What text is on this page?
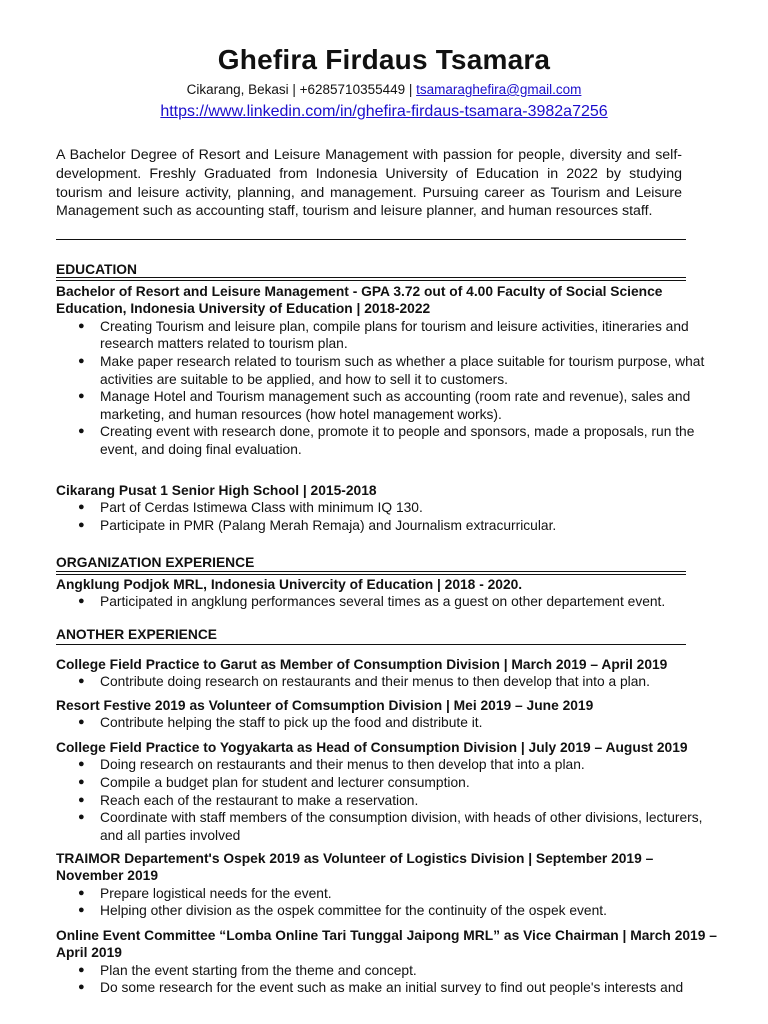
Ghefira Firdaus Tsamara
Cikarang, Bekasi | +6285710355449 | tsamaraghefira@gmail.com
https://www.linkedin.com/in/ghefira-firdaus-tsamara-3982a7256
A Bachelor Degree of Resort and Leisure Management with passion for people, diversity and self-development. Freshly Graduated from Indonesia University of Education in 2022 by studying tourism and leisure activity, planning, and management. Pursuing career as Tourism and Leisure Management such as accounting staff, tourism and leisure planner, and human resources staff.
EDUCATION
Bachelor of Resort and Leisure Management - GPA 3.72 out of 4.00 Faculty of Social Science Education, Indonesia University of Education | 2018-2022
● Creating Tourism and leisure plan, compile plans for tourism and leisure activities, itineraries and research matters related to tourism plan.
● Make paper research related to tourism such as whether a place suitable for tourism purpose, what activities are suitable to be applied, and how to sell it to customers.
● Manage Hotel and Tourism management such as accounting (room rate and revenue), sales and marketing, and human resources (how hotel management works).
● Creating event with research done, promote it to people and sponsors, made a proposals, run the event, and doing final evaluation.
Cikarang Pusat 1 Senior High School | 2015-2018
● Part of Cerdas Istimewa Class with minimum IQ 130.
● Participate in PMR (Palang Merah Remaja) and Journalism extracurricular.
ORGANIZATION EXPERIENCE
Angklung Podjok MRL, Indonesia Univercity of Education | 2018 - 2020.
● Participated in angklung performances several times as a guest on other departement event.
ANOTHER EXPERIENCE
College Field Practice to Garut as Member of Consumption Division | March 2019 – April 2019
● Contribute doing research on restaurants and their menus to then develop that into a plan.
Resort Festive 2019 as Volunteer of Comsumption Division | Mei 2019 – June 2019
● Contribute helping the staff to pick up the food and distribute it.
College Field Practice to Yogyakarta as Head of Consumption Division | July 2019 – August 2019
● Doing research on restaurants and their menus to then develop that into a plan.
● Compile a budget plan for student and lecturer consumption.
● Reach each of the restaurant to make a reservation.
● Coordinate with staff members of the consumption division, with heads of other divisions, lecturers, and all parties involved
TRAIMOR Departement's Ospek 2019 as Volunteer of Logistics Division | September 2019 – November 2019
● Prepare logistical needs for the event.
● Helping other division as the ospek committee for the continuity of the ospek event.
Online Event Committee “Lomba Online Tari Tunggal Jaipong MRL” as Vice Chairman | March 2019 – April 2019
● Plan the event starting from the theme and concept.
● Do some research for the event such as make an initial survey to find out people's interests and
